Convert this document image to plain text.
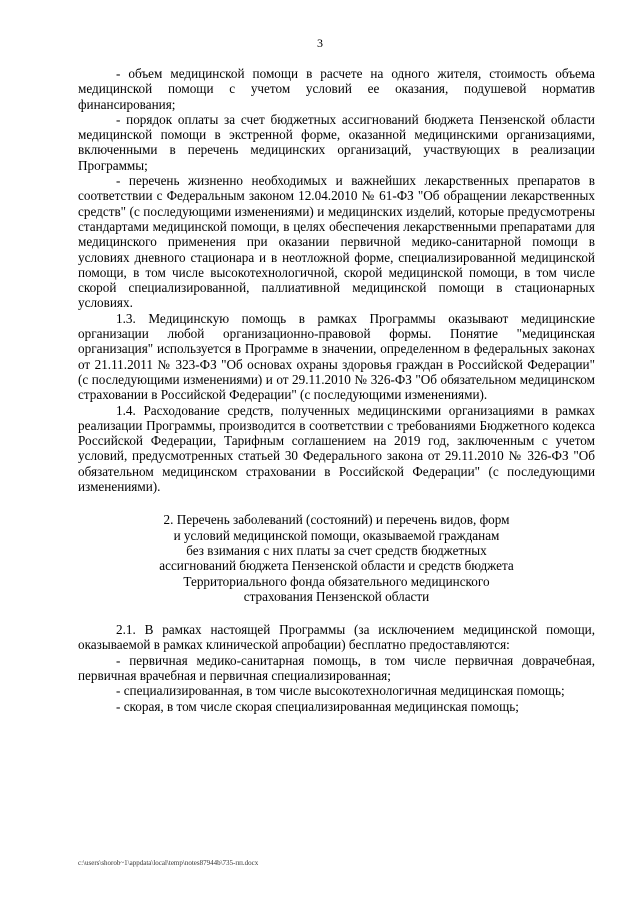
3

- объем медицинской помощи в расчете на одного жителя, стоимость объема медицинской помощи с учетом условий ее оказания, подушевой норматив финансирования;

- порядок оплаты за счет бюджетных ассигнований бюджета Пензенской области медицинской помощи в экстренной форме, оказанной медицинскими организациями, включенными в перечень медицинских организаций, участвующих в реализации Программы;

- перечень жизненно необходимых и важнейших лекарственных препаратов в соответствии с Федеральным законом 12.04.2010 № 61-ФЗ "Об обращении лекарственных средств" (с последующими изменениями) и медицинских изделий, которые предусмотрены стандартами медицинской помощи, в целях обеспечения лекарственными препаратами для медицинского применения при оказании первичной медико-санитарной помощи в условиях дневного стационара и в неотложной форме, специализированной медицинской помощи, в том числе высокотехнологичной, скорой медицинской помощи, в том числе скорой специализированной, паллиативной медицинской помощи в стационарных условиях.

1.3. Медицинскую помощь в рамках Программы оказывают медицинские организации любой организационно-правовой формы. Понятие "медицинская организация" используется в Программе в значении, определенном в федеральных законах от 21.11.2011 № 323-ФЗ "Об основах охраны здоровья граждан в Российской Федерации" (с последующими изменениями) и от 29.11.2010 № 326-ФЗ "Об обязательном медицинском страховании в Российской Федерации" (с последующими изменениями).

1.4. Расходование средств, полученных медицинскими организациями в рамках реализации Программы, производится в соответствии с требованиями Бюджетного кодекса Российской Федерации, Тарифным соглашением на 2019 год, заключенным с учетом условий, предусмотренных статьей 30 Федерального закона от 29.11.2010 № 326-ФЗ "Об обязательном медицинском страховании в Российской Федерации" (с последующими изменениями).

2. Перечень заболеваний (состояний) и перечень видов, форм
и условий медицинской помощи, оказываемой гражданам
без взимания с них платы за счет средств бюджетных
ассигнований бюджета Пензенской области и средств бюджета
Территориального фонда обязательного медицинского
страхования Пензенской области

2.1. В рамках настоящей Программы (за исключением медицинской помощи, оказываемой в рамках клинической апробации) бесплатно предоставляются:

- первичная медико-санитарная помощь, в том числе первичная доврачебная, первичная врачебная и первичная специализированная;

- специализированная, в том числе высокотехнологичная медицинская помощь;

- скорая, в том числе скорая специализированная медицинская помощь;

c:\users\shorob~1\appdata\local\temp\notes87944b\735-пп.docx
